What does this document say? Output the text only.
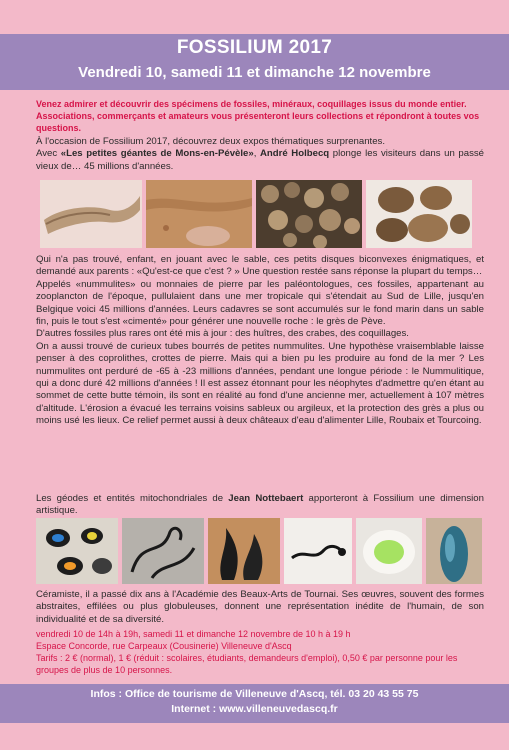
FOSSILIUM 2017
Vendredi 10, samedi 11 et dimanche 12 novembre
Venez admirer et découvrir des spécimens de fossiles, minéraux, coquillages issus du monde entier.
Associations, commerçants et amateurs vous présenteront leurs collections et répondront à toutes vos questions.
À l'occasion de Fossilium 2017, découvrez deux expos thématiques surprenantes.
Avec «Les petites géantes de Mons-en-Pévèle», André Holbecq plonge les visiteurs dans un passé vieux de… 45 millions d'années.
Qui n'a pas trouvé, enfant, en jouant avec le sable, ces petits disques biconvexes énigmatiques, et demandé aux parents : «Qu'est-ce que c'est ? » Une question restée sans réponse la plupart du temps…
Appelés «nummulites» ou monnaies de pierre par les paléontologues, ces fossiles, appartenant au zooplancton de l'époque, pullulaient dans une mer tropicale qui s'étendait au Sud de Lille, jusqu'en Belgique voici 45 millions d'années. Leurs cadavres se sont accumulés sur le fond marin dans un sable fin, puis le tout s'est «cimenté» pour générer une nouvelle roche : le grès de Pève.
D'autres fossiles plus rares ont été mis à jour : des huîtres, des crabes, des coquillages.
On a aussi trouvé de curieux tubes bourrés de petites nummulites. Une hypothèse vraisemblable laisse penser à des coprolithes, crottes de pierre. Mais qui a bien pu les produire au fond de la mer ? Les nummulites ont perduré de -65 à -23 millions d'années, pendant une longue période : le Nummulitique, qui a donc duré 42 millions d'années ! Il est assez étonnant pour les néophytes d'admettre qu'en étant au sommet de cette butte témoin, ils sont en réalité au fond d'une ancienne mer, actuellement à 107 mètres d'altitude. L'érosion a évacué les terrains voisins sableux ou argileux, et la protection des grès a plus ou moins usé les lieux. Ce relief permet aussi à deux châteaux d'eau d'alimenter Lille, Roubaix et Tourcoing.
Les géodes et entités mitochondriales de Jean Nottebaert apporteront à Fossilium une dimension artistique.
Céramiste, il a passé dix ans à l'Académie des Beaux-Arts de Tournai. Ses œuvres, souvent des formes abstraites, effilées ou plus globuleuses, donnent une représentation inédite de l'humain, de son individualité et de sa diversité.
vendredi 10 de 14h à 19h, samedi 11 et dimanche 12 novembre de 10 h à 19 h
Espace Concorde, rue Carpeaux (Cousinerie) Villeneuve d'Ascq
Tarifs : 2 € (normal), 1 € (réduit : scolaires, étudiants, demandeurs d'emploi), 0,50 € par personne pour les groupes de plus de 10 personnes.
Infos : Office de tourisme de Villeneuve d'Ascq, tél. 03 20 43 55 75
Internet : www.villeneuvedascq.fr
